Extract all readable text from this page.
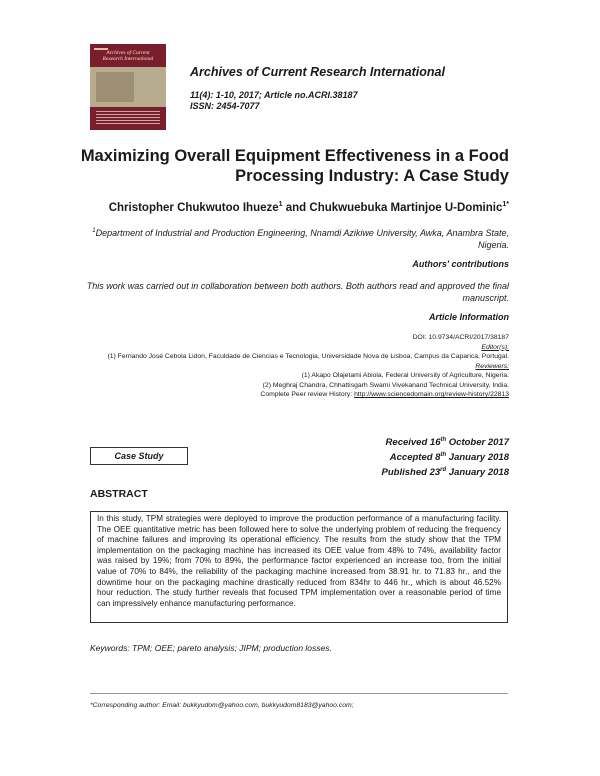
Archives of Current Research International
Archives of Current Research International
11(4): 1-10, 2017; Article no.ACRI.38187
ISSN: 2454-7077
Maximizing Overall Equipment Effectiveness in a Food Processing Industry: A Case Study
Christopher Chukwutoo Ihueze$^1$ and Chukwuebuka Martinjoe U-Dominic$^{1*}$
$^1$Department of Industrial and Production Engineering, Nnamdi Azikiwe University, Awka, Anambra State, Nigeria.
Authors' contributions
This work was carried out in collaboration between both authors. Both authors read and approved the final manuscript.
Article Information
DOI: 10.9734/ACRI/2017/38187
Editor(s):
(1) Fernando José Cebola Lidon, Faculdade de Ciencias e Tecnologia, Universidade Nova de Lisboa, Campus da Caparica, Portugal.
Reviewers:
(1) Akapo Olajetami Abiola, Federal University of Agriculture, Nigeria.
(2) Meghraj Chandra, Chhattisgarh Swami Vivekanand Technical University, India.
Complete Peer review History: http://www.sciencedomain.org/review-history/22813
Case Study
Received 16th October 2017
Accepted 8th January 2018
Published 23rd January 2018
ABSTRACT
In this study, TPM strategies were deployed to improve the production performance of a manufacturing facility. The OEE quantitative metric has been followed here to solve the underlying problem of reducing the frequency of machine failures and improving its operational efficiency. The results from the study show that the TPM implementation on the packaging machine has increased its OEE value from 48% to 74%, availability factor was raised by 19%; from 70% to 89%, the performance factor experienced an increase too, from the initial value of 70% to 84%, the reliability of the packaging machine increased from 38.91 hr. to 71.83 hr., and the downtime hour on the packaging machine drastically reduced from 834hr to 446 hr., which is about 46.52% hour reduction. The study further reveals that focused TPM implementation over a reasonable period of time can impressively enhance manufacturing performance.
Keywords: TPM; OEE; pareto analysis; JIPM; production losses.
*Corresponding author: Email: bukkyudom@yahoo.com, bukkyudom8183@yahoo.com;
